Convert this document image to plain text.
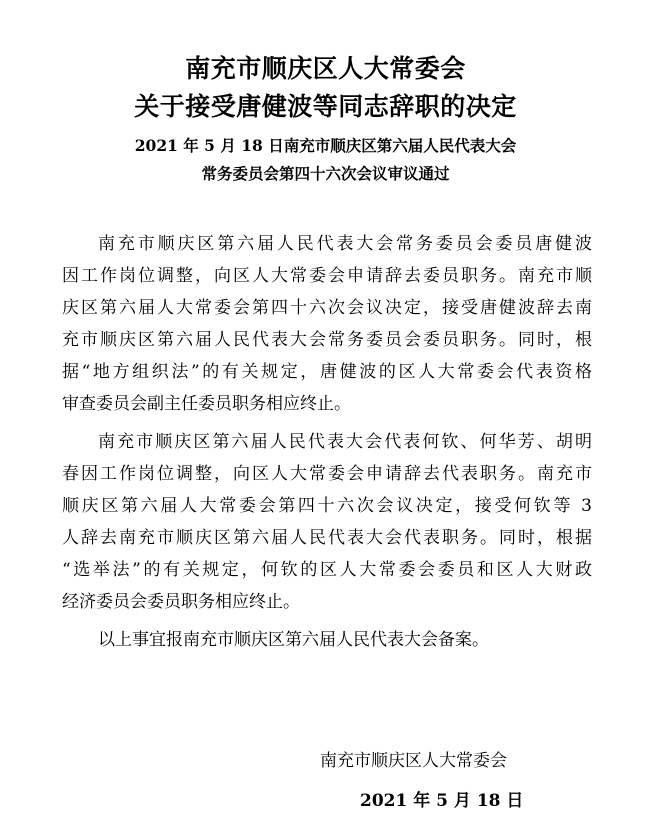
南充市顺庆区人大常委会
关于接受唐健波等同志辞职的决定
2021 年 5 月 18 日南充市顺庆区第六届人民代表大会
常务委员会第四十六次会议审议通过

南充市顺庆区第六届人民代表大会常务委员会委员唐健波
因工作岗位调整，向区人大常委会申请辞去委员职务。南充市顺
庆区第六届人大常委会第四十六次会议决定，接受唐健波辞去南
充市顺庆区第六届人民代表大会常务委员会委员职务。同时，根
据“地方组织法”的有关规定，唐健波的区人大常委会代表资格
审查委员会副主任委员职务相应终止。

南充市顺庆区第六届人民代表大会代表何钦、何华芳、胡明
春因工作岗位调整，向区人大常委会申请辞去代表职务。南充市
顺庆区第六届人大常委会第四十六次会议决定，接受何钦等 3
人辞去南充市顺庆区第六届人民代表大会代表职务。同时，根据
“选举法”的有关规定，何钦的区人大常委会委员和区人大财政
经济委员会委员职务相应终止。

以上事宜报南充市顺庆区第六届人民代表大会备案。

南充市顺庆区人大常委会
2021 年 5 月 18 日
